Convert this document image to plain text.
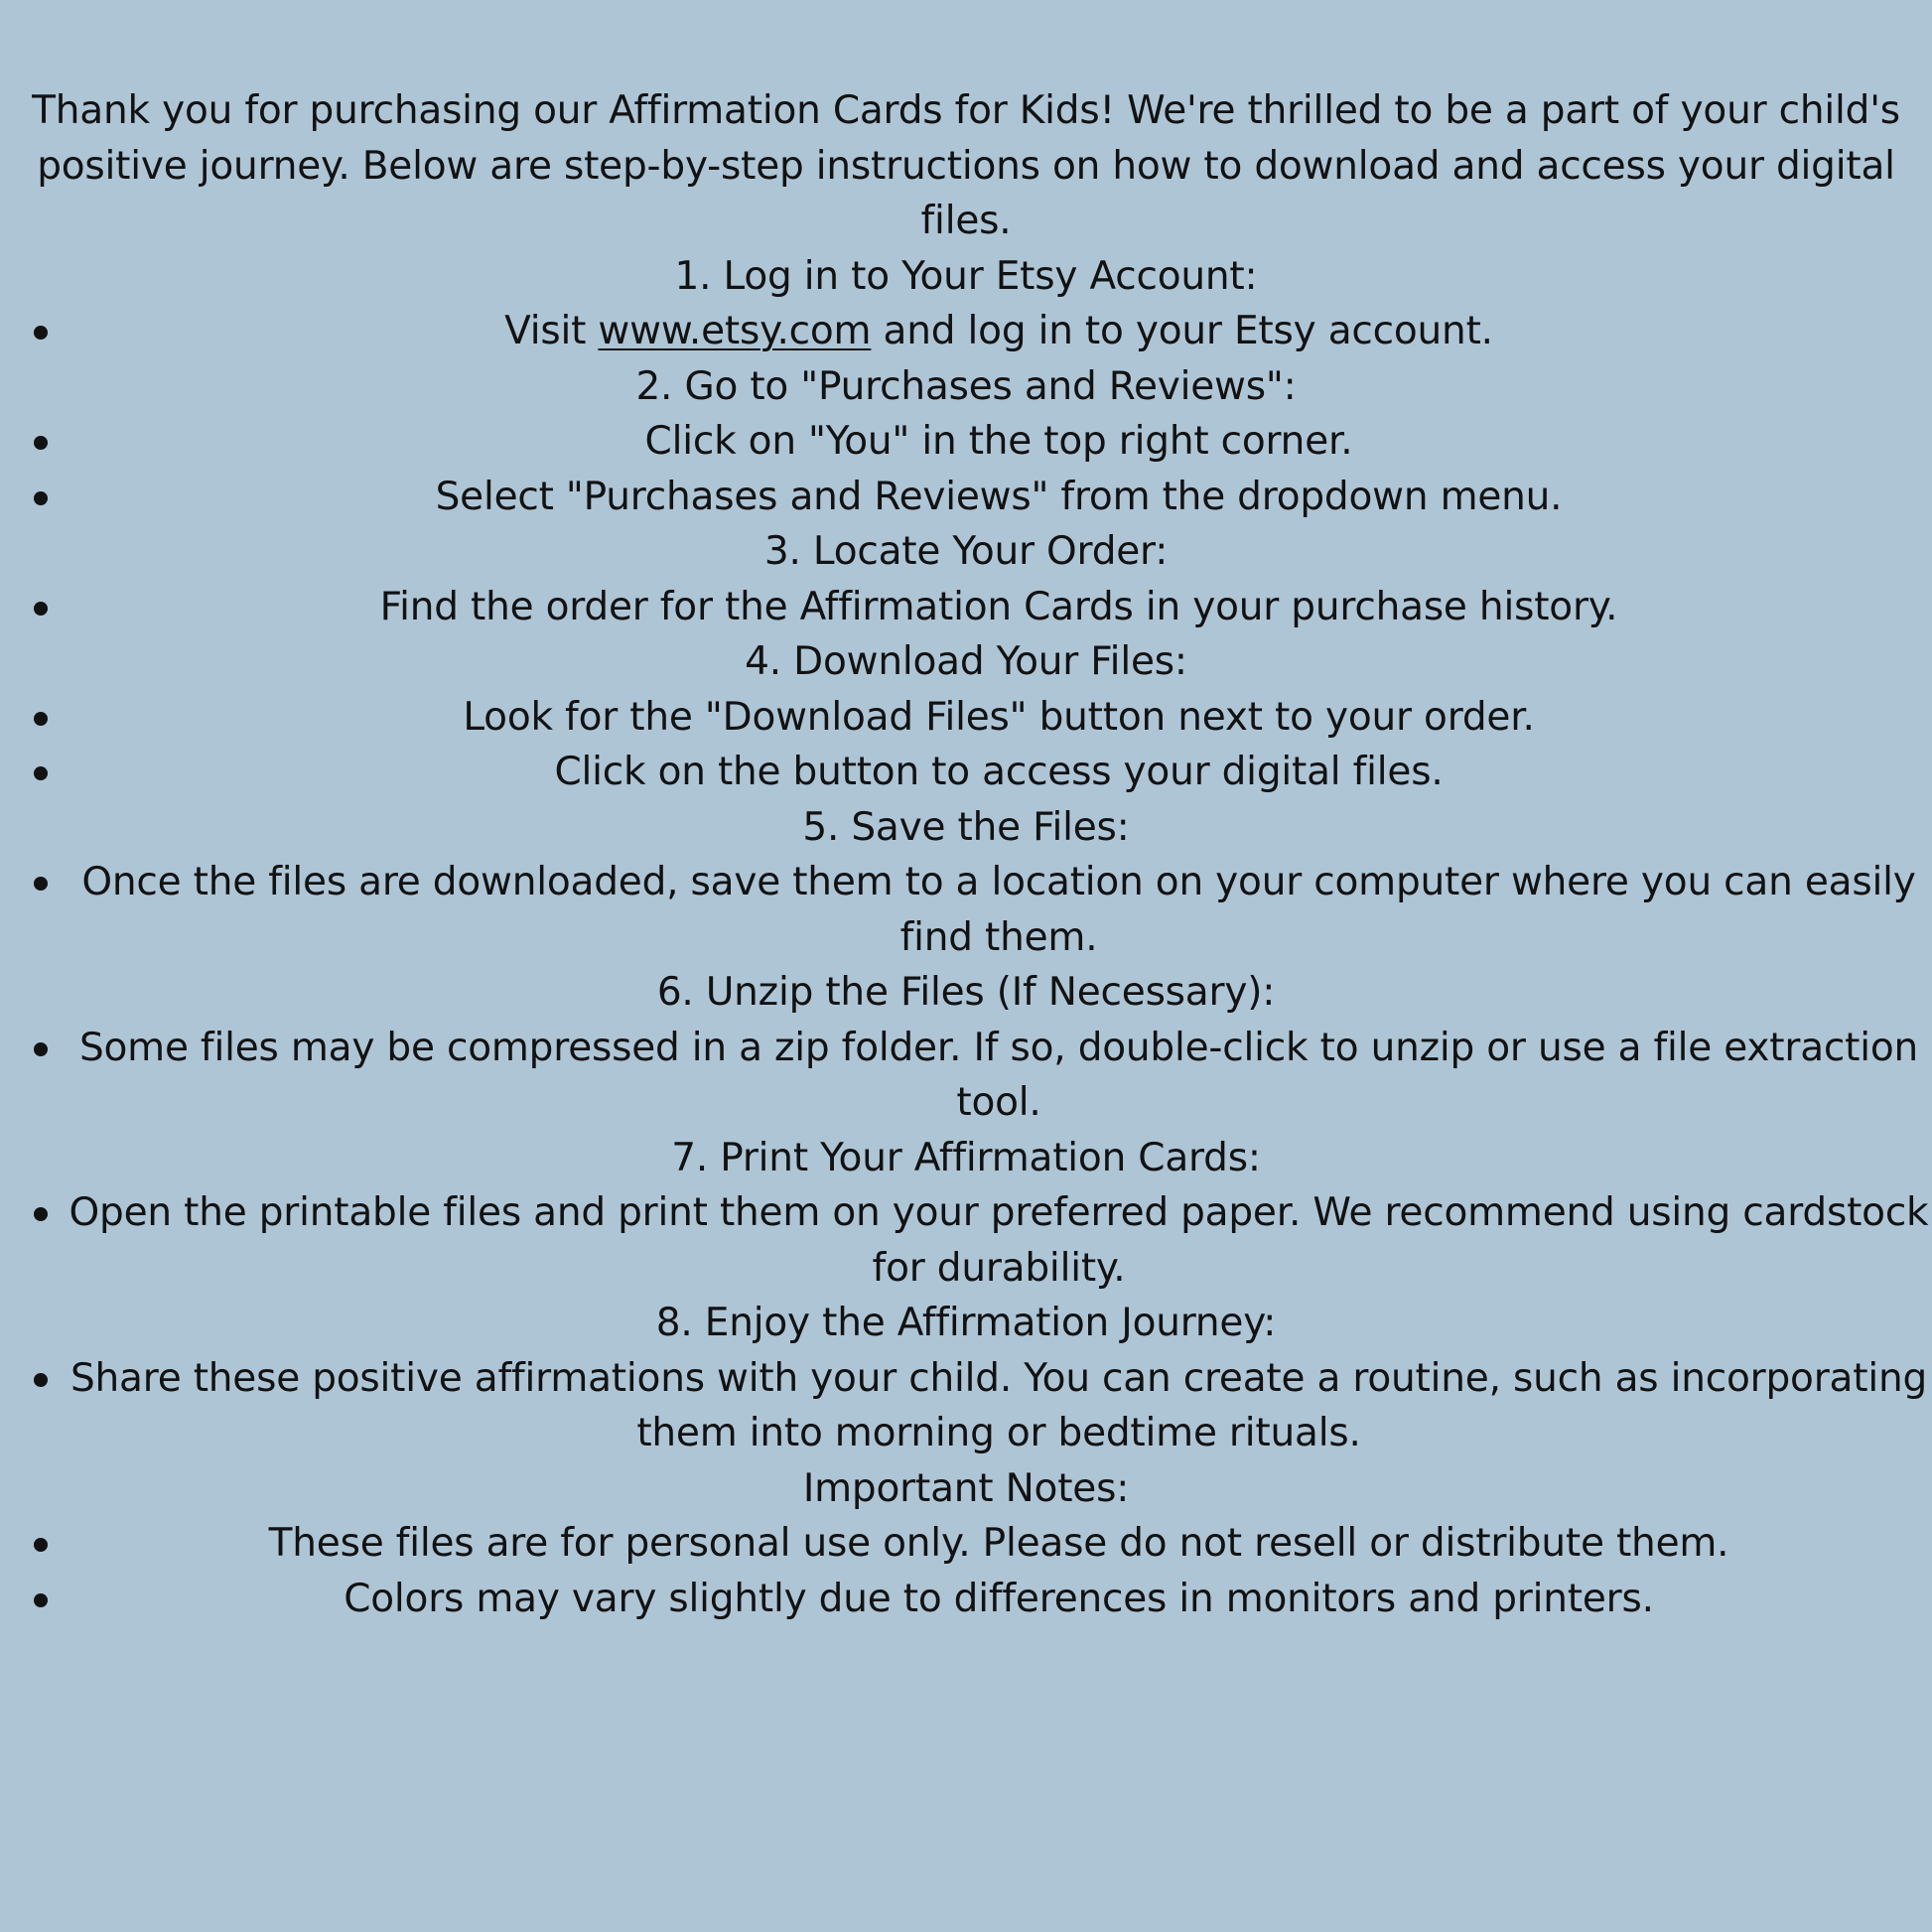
Thank you for purchasing our Affirmation Cards for Kids! We're thrilled to be a part of your child's positive journey. Below are step-by-step instructions on how to download and access your digital files.
1. Log in to Your Etsy Account:
Visit www.etsy.com and log in to your Etsy account.
2. Go to "Purchases and Reviews":
Click on "You" in the top right corner.
Select "Purchases and Reviews" from the dropdown menu.
3. Locate Your Order:
Find the order for the Affirmation Cards in your purchase history.
4. Download Your Files:
Look for the "Download Files" button next to your order.
Click on the button to access your digital files.
5. Save the Files:
Once the files are downloaded, save them to a location on your computer where you can easily find them.
6. Unzip the Files (If Necessary):
Some files may be compressed in a zip folder. If so, double-click to unzip or use a file extraction tool.
7. Print Your Affirmation Cards:
Open the printable files and print them on your preferred paper. We recommend using cardstock for durability.
8. Enjoy the Affirmation Journey:
Share these positive affirmations with your child. You can create a routine, such as incorporating them into morning or bedtime rituals.
Important Notes:
These files are for personal use only. Please do not resell or distribute them.
Colors may vary slightly due to differences in monitors and printers.
